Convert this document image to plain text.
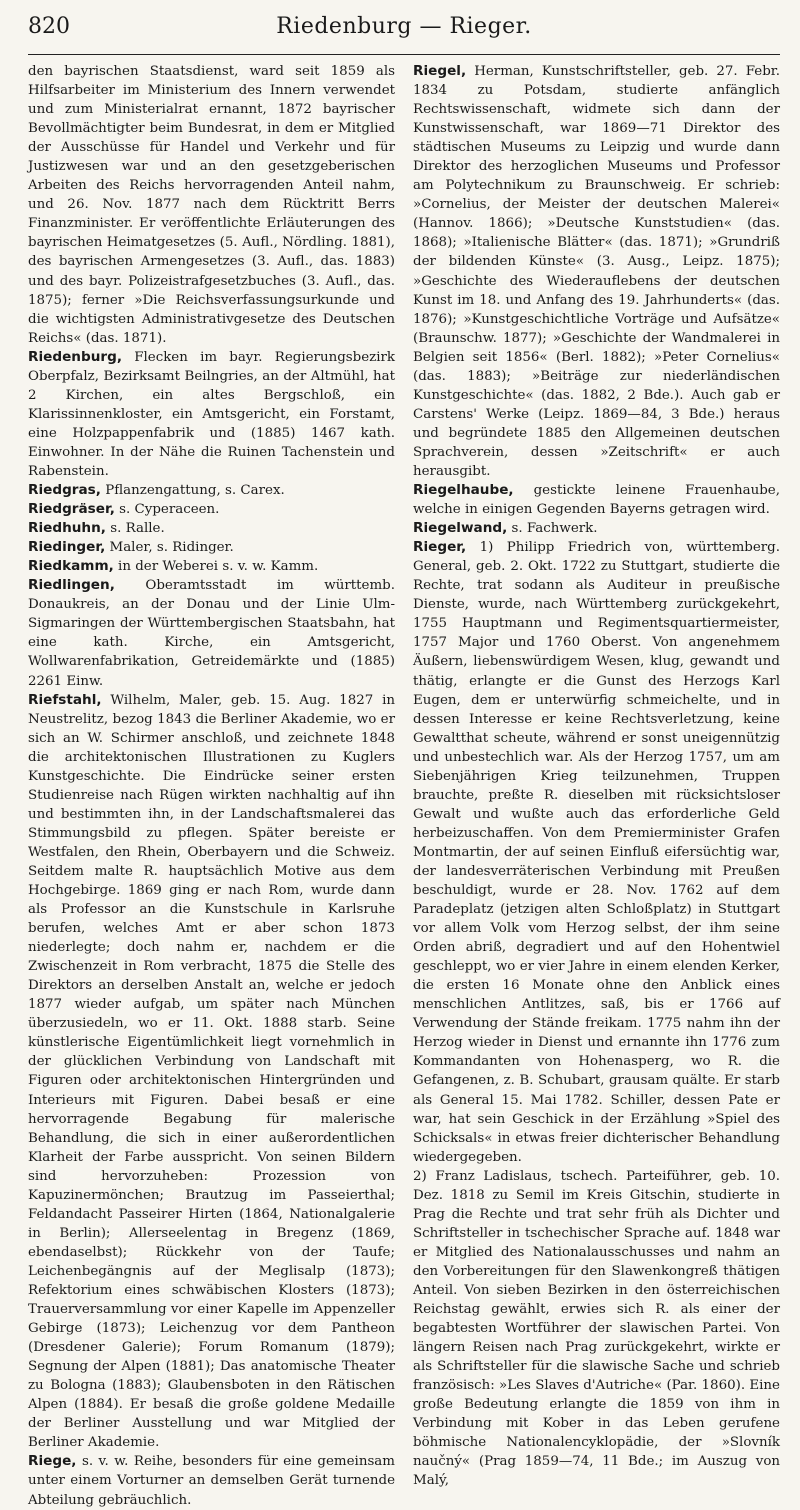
820	Riedenburg — Rieger.

den bayrischen Staatsdienst, ward seit 1859 als Hilfsarbeiter im Ministerium des Innern verwendet und zum Ministerialrat ernannt, 1872 bayrischer Bevollmächtigter beim Bundesrat, in dem er Mitglied der Ausschüsse für Handel und Verkehr und für Justizwesen war und an den gesetzgeberischen Arbeiten des Reichs hervorragenden Anteil nahm, und 26. Nov. 1877 nach dem Rücktritt Berrs Finanzminister. Er veröffentlichte Erläuterungen des bayrischen Heimatgesetzes (5. Aufl., Nördling. 1881), des bayrischen Armengesetzes (3. Aufl., das. 1883) und des bayr. Polizeistrafgesetzbuches (3. Aufl., das. 1875); ferner »Die Reichsverfassungsurkunde und die wichtigsten Administrativgesetze des Deutschen Reichs« (das. 1871).

Riedenburg, Flecken im bayr. Regierungsbezirk Oberpfalz, Bezirksamt Beilngries, an der Altmühl, hat 2 Kirchen, ein altes Bergschloß, ein Klarissinnenkloster, ein Amtsgericht, ein Forstamt, eine Holzpappenfabrik und (1885) 1467 kath. Einwohner. In der Nähe die Ruinen Tachenstein und Rabenstein.

Riedgras, Pflanzengattung, s. Carex.

Riedgräser, s. Cyperaceen.

Riedhuhn, s. Ralle.

Riedinger, Maler, s. Ridinger.

Riedkamm, in der Weberei s. v. w. Kamm.

Riedlingen, Oberamtsstadt im württemb. Donaukreis, an der Donau und der Linie Ulm-Sigmaringen der Württembergischen Staatsbahn, hat eine kath. Kirche, ein Amtsgericht, Wollwarenfabrikation, Getreidemärkte und (1885) 2261 Einw.

Riefstahl, Wilhelm, Maler, geb. 15. Aug. 1827 in Neustrelitz, bezog 1843 die Berliner Akademie, wo er sich an W. Schirmer anschloß, und zeichnete 1848 die architektonischen Illustrationen zu Kuglers Kunstgeschichte. Die Eindrücke seiner ersten Studienreise nach Rügen wirkten nachhaltig auf ihn und bestimmten ihn, in der Landschaftsmalerei das Stimmungsbild zu pflegen. Später bereiste er Westfalen, den Rhein, Oberbayern und die Schweiz. Seitdem malte R. hauptsächlich Motive aus dem Hochgebirge. 1869 ging er nach Rom, wurde dann als Professor an die Kunstschule in Karlsruhe berufen, welches Amt er aber schon 1873 niederlegte; doch nahm er, nachdem er die Zwischenzeit in Rom verbracht, 1875 die Stelle des Direktors an derselben Anstalt an, welche er jedoch 1877 wieder aufgab, um später nach München überzusiedeln, wo er 11. Okt. 1888 starb. Seine künstlerische Eigentümlichkeit liegt vornehmlich in der glücklichen Verbindung von Landschaft mit Figuren oder architektonischen Hintergründen und Interieurs mit Figuren. Dabei besaß er eine hervorragende Begabung für malerische Behandlung, die sich in einer außerordentlichen Klarheit der Farbe ausspricht. Von seinen Bildern sind hervorzuheben: Prozession von Kapuzinermönchen; Brautzug im Passeierthal; Feldandacht Passeirer Hirten (1864, Nationalgalerie in Berlin); Allerseelentag in Bregenz (1869, ebendaselbst); Rückkehr von der Taufe; Leichenbegängnis auf der Meglisalp (1873); Refektorium eines schwäbischen Klosters (1873); Trauerversammlung vor einer Kapelle im Appenzeller Gebirge (1873); Leichenzug vor dem Pantheon (Dresdener Galerie); Forum Romanum (1879); Segnung der Alpen (1881); Das anatomische Theater zu Bologna (1883); Glaubensboten in den Rätischen Alpen (1884). Er besaß die große goldene Medaille der Berliner Ausstellung und war Mitglied der Berliner Akademie.

Riege, s. v. w. Reihe, besonders für eine gemeinsam unter einem Vorturner an demselben Gerät turnende Abteilung gebräuchlich.

Riegel, Herman, Kunstschriftsteller, geb. 27. Febr. 1834 zu Potsdam, studierte anfänglich Rechtswissenschaft, widmete sich dann der Kunstwissenschaft, war 1869—71 Direktor des städtischen Museums zu Leipzig und wurde dann Direktor des herzoglichen Museums und Professor am Polytechnikum zu Braunschweig. Er schrieb: »Cornelius, der Meister der deutschen Malerei« (Hannov. 1866); »Deutsche Kunststudien« (das. 1868); »Italienische Blätter« (das. 1871); »Grundriß der bildenden Künste« (3. Ausg., Leipz. 1875); »Geschichte des Wiederauflebens der deutschen Kunst im 18. und Anfang des 19. Jahrhunderts« (das. 1876); »Kunstgeschichtliche Vorträge und Aufsätze« (Braunschw. 1877); »Geschichte der Wandmalerei in Belgien seit 1856« (Berl. 1882); »Peter Cornelius« (das. 1883); »Beiträge zur niederländischen Kunstgeschichte« (das. 1882, 2 Bde.). Auch gab er Carstens' Werke (Leipz. 1869—84, 3 Bde.) heraus und begründete 1885 den Allgemeinen deutschen Sprachverein, dessen »Zeitschrift« er auch herausgibt.

Riegelhaube, gestickte leinene Frauenhaube, welche in einigen Gegenden Bayerns getragen wird.

Riegelwand, s. Fachwerk.

Rieger, 1) Philipp Friedrich von, württemberg. General, geb. 2. Okt. 1722 zu Stuttgart, studierte die Rechte, trat sodann als Auditeur in preußische Dienste, wurde, nach Württemberg zurückgekehrt, 1755 Hauptmann und Regimentsquartiermeister, 1757 Major und 1760 Oberst. Von angenehmem Äußern, liebenswürdigem Wesen, klug, gewandt und thätig, erlangte er die Gunst des Herzogs Karl Eugen, dem er unterwürfig schmeichelte, und in dessen Interesse er keine Rechtsverletzung, keine Gewaltthat scheute, während er sonst uneigennützig und unbestechlich war. Als der Herzog 1757, um am Siebenjährigen Krieg teilzunehmen, Truppen brauchte, preßte R. dieselben mit rücksichtsloser Gewalt und wußte auch das erforderliche Geld herbeizuschaffen. Von dem Premierminister Grafen Montmartin, der auf seinen Einfluß eifersüchtig war, der landesverräterischen Verbindung mit Preußen beschuldigt, wurde er 28. Nov. 1762 auf dem Paradeplatz (jetzigen alten Schloßplatz) in Stuttgart vor allem Volk vom Herzog selbst, der ihm seine Orden abriß, degradiert und auf den Hohentwiel geschleppt, wo er vier Jahre in einem elenden Kerker, die ersten 16 Monate ohne den Anblick eines menschlichen Antlitzes, saß, bis er 1766 auf Verwendung der Stände freikam. 1775 nahm ihn der Herzog wieder in Dienst und ernannte ihn 1776 zum Kommandanten von Hohenasperg, wo R. die Gefangenen, z. B. Schubart, grausam quälte. Er starb als General 15. Mai 1782. Schiller, dessen Pate er war, hat sein Geschick in der Erzählung »Spiel des Schicksals« in etwas freier dichterischer Behandlung wiedergegeben.

2) Franz Ladislaus, tschech. Parteiführer, geb. 10. Dez. 1818 zu Semil im Kreis Gitschin, studierte in Prag die Rechte und trat sehr früh als Dichter und Schriftsteller in tschechischer Sprache auf. 1848 war er Mitglied des Nationalausschusses und nahm an den Vorbereitungen für den Slawenkongreß thätigen Anteil. Von sieben Bezirken in den österreichischen Reichstag gewählt, erwies sich R. als einer der begabtesten Wortführer der slawischen Partei. Von längern Reisen nach Prag zurückgekehrt, wirkte er als Schriftsteller für die slawische Sache und schrieb französisch: »Les Slaves d'Autriche« (Par. 1860). Eine große Bedeutung erlangte die 1859 von ihm in Verbindung mit Kober in das Leben gerufene böhmische Nationalencyklopädie, der »Slovník naučný« (Prag 1859—74, 11 Bde.; im Auszug von Malý,
